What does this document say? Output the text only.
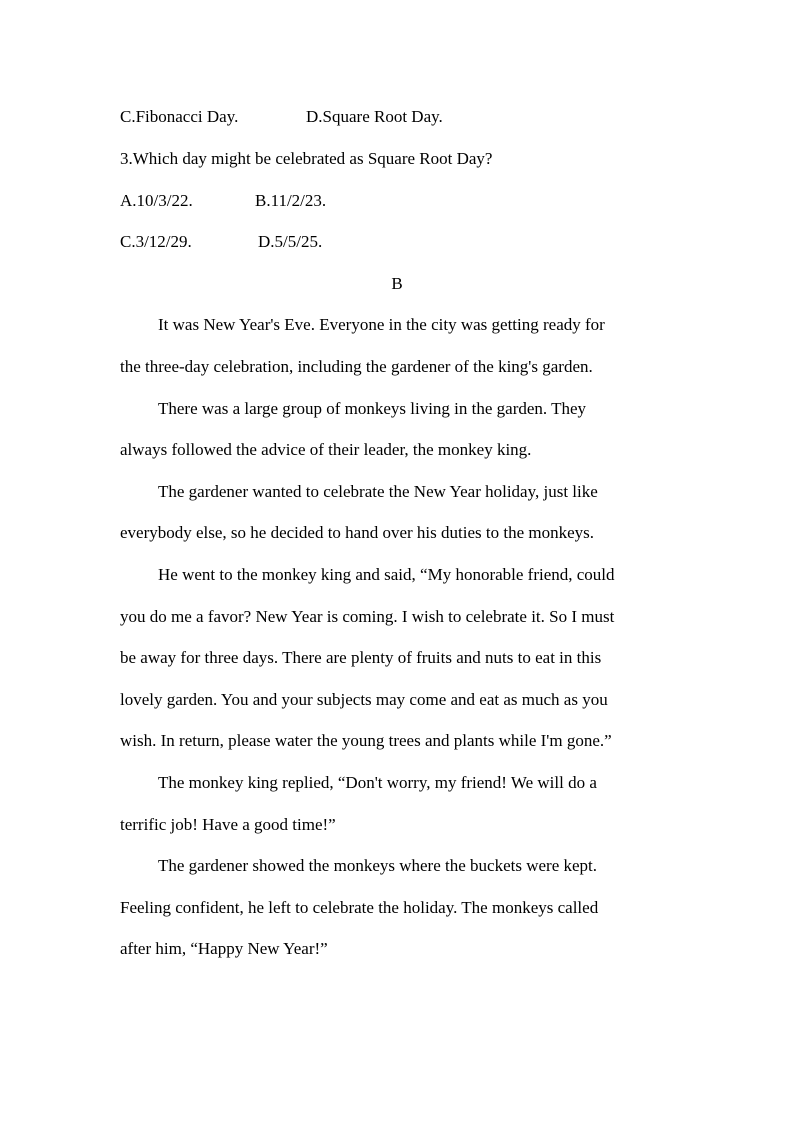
C.Fibonacci Day.	D.Square Root Day.
3.Which day might be celebrated as Square Root Day?
A.10/3/22.	B.11/2/23.
C.3/12/29.	D.5/5/25.
B
It was New Year's Eve. Everyone in the city was getting ready for
the three-day celebration, including the gardener of the king's garden.
There was a large group of monkeys living in the garden. They
always followed the advice of their leader, the monkey king.
The gardener wanted to celebrate the New Year holiday, just like
everybody else, so he decided to hand over his duties to the monkeys.
He went to the monkey king and said, “My honorable friend, could
you do me a favor? New Year is coming. I wish to celebrate it. So I must
be away for three days. There are plenty of fruits and nuts to eat in this
lovely garden. You and your subjects may come and eat as much as you
wish. In return, please water the young trees and plants while I'm gone.”
The monkey king replied, “Don't worry, my friend! We will do a
terrific job! Have a good time!”
The gardener showed the monkeys where the buckets were kept.
Feeling confident, he left to celebrate the holiday. The monkeys called
after him, “Happy New Year!”
